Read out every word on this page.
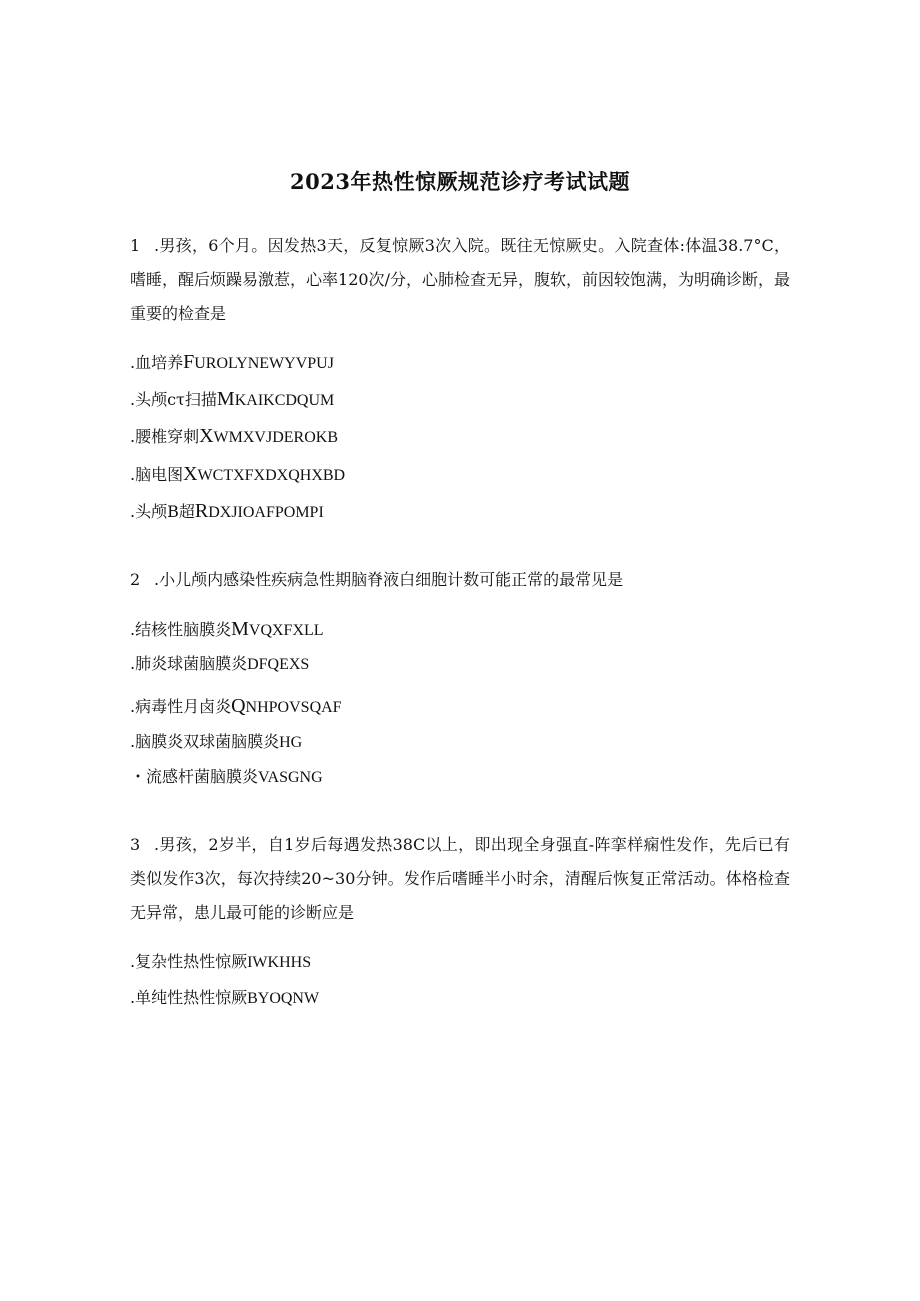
2023年热性惊厥规范诊疗考试试题
1 .男孩，6个月。因发热3天，反复惊厥3次入院。既往无惊厥史。入院查体:体温38.7°C，嗜睡，醒后烦躁易激惹，心率120次/分，心肺检查无异，腹软，前因较饱满，为明确诊断，最重要的检查是
.血培养FUROLYNEWYVPUJ
.头颅cτ扫描MKAIKCDQUM
.腰椎穿刺XWMXVJDEROKB
.脑电图XWCTXFXDXQHXBD
.头颅B超RDXJIOAFPOMPI
2 .小儿颅内感染性疾病急性期脑脊液白细胞计数可能正常的最常见是
.结核性脑膜炎MVQXFXLL
.肺炎球菌脑膜炎DFQEXS
.病毒性月卤炎QNHPOVSQAF
.脑膜炎双球菌脑膜炎HG
・流感杆菌脑膜炎VASGNG
3 .男孩，2岁半，自1岁后每遇发热38C以上，即出现全身强直-阵挛样痫性发作，先后已有类似发作3次，每次持续20~30分钟。发作后嗜睡半小时余，清醒后恢复正常活动。体格检查无异常，患儿最可能的诊断应是
.复杂性热性惊厥IWKHHS
.单纯性热性惊厥BYOQNW
